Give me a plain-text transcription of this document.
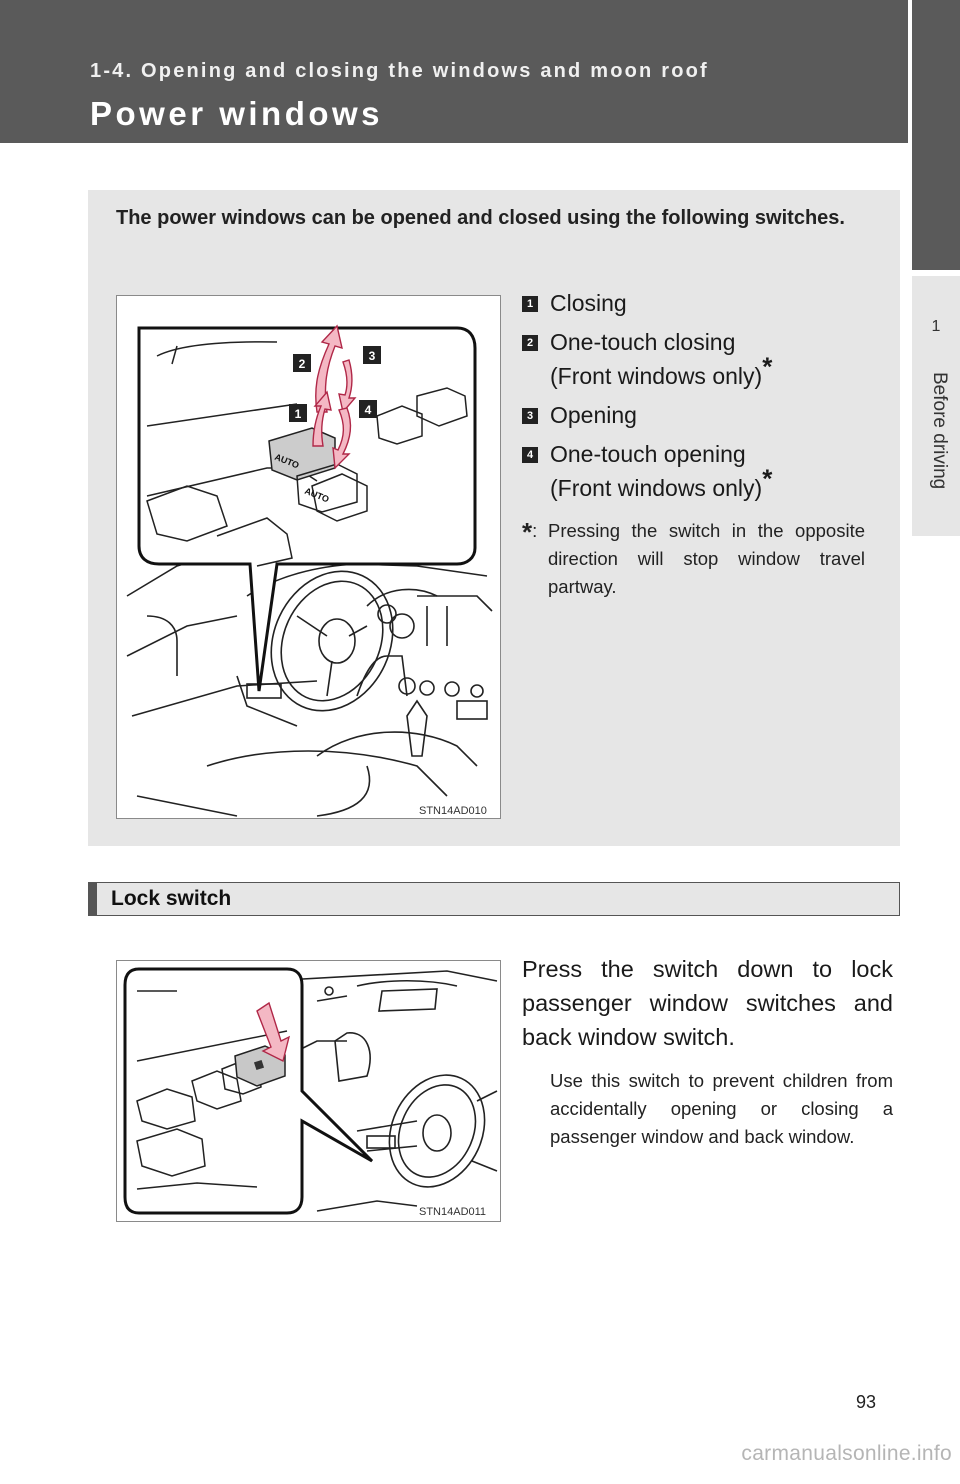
1-4. Opening and closing the windows and moon roof
Power windows
1
Before driving
The power windows can be opened and closed using the following switches.
AUTO
AUTO
1
2
3
4
STN14AD010
1 Closing
2 One-touch closing
(Front windows only)*
3 Opening
4 One-touch opening
(Front windows only)*
*: Pressing the switch in the opposite direction will stop window travel partway.
Lock switch
STN14AD011
Press the switch down to lock passenger window switches and back window switch.
Use this switch to prevent children from accidentally opening or closing a passenger window and back window.
93
carmanualsonline.info
